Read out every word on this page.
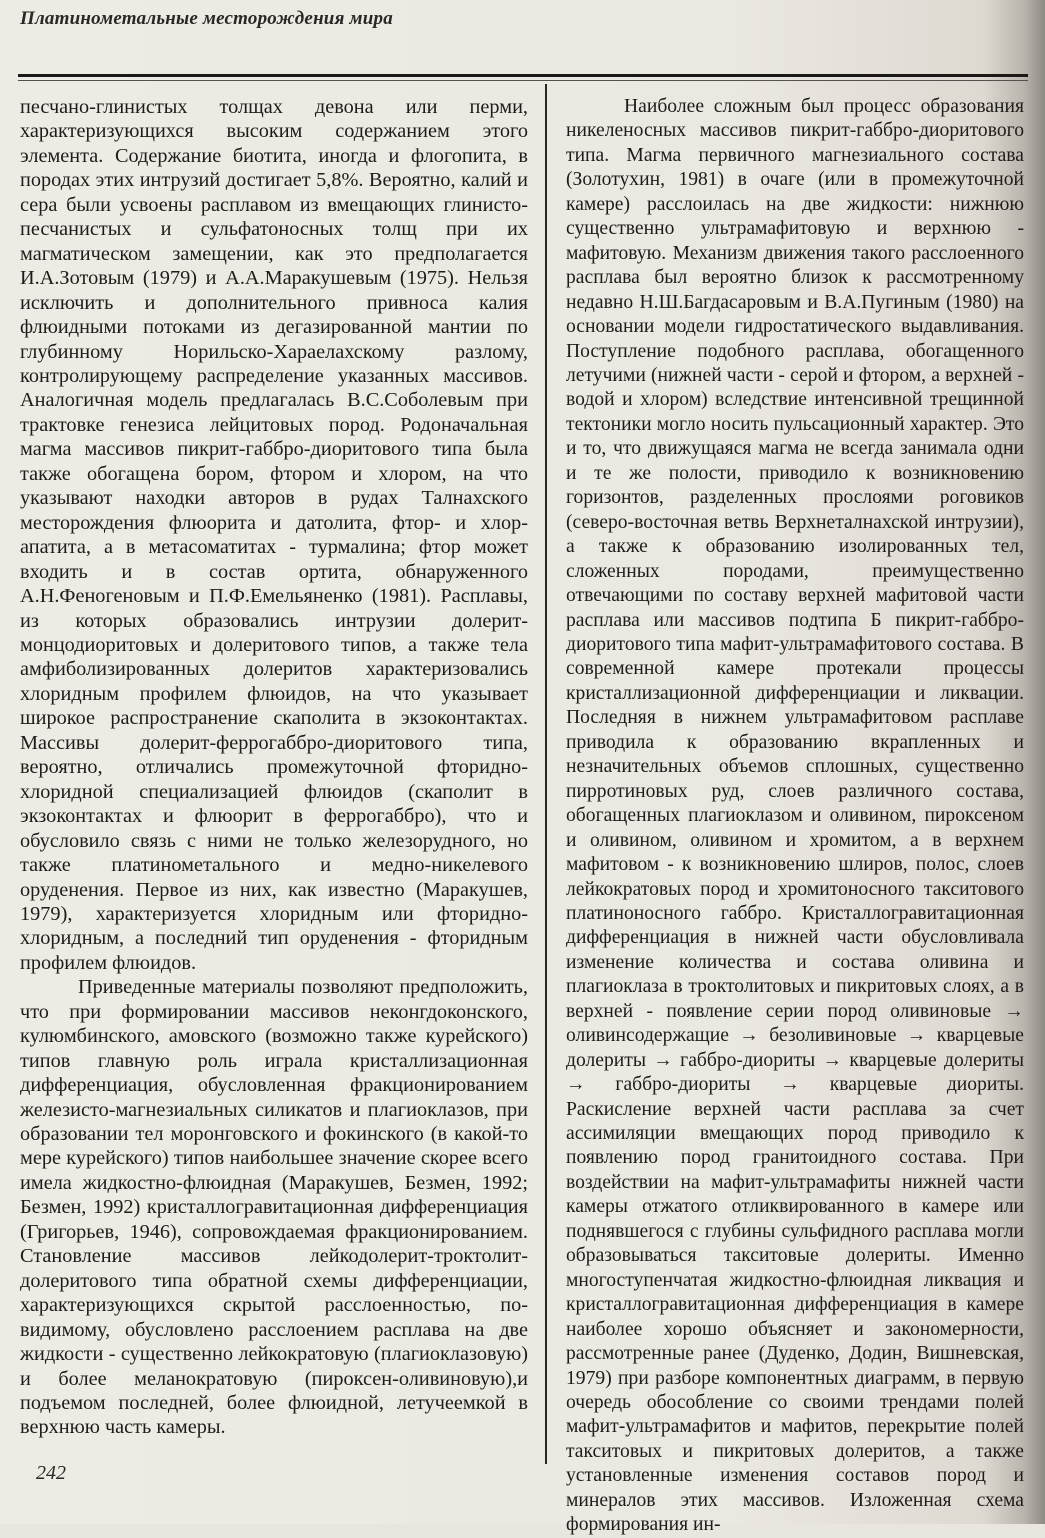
Платинометальные месторождения мира

песчано-глинистых толщах девона или перми, характеризующихся высоким содержанием этого элемента. Содержание биотита, иногда и флогопита, в породах этих интрузий достигает 5,8%. Вероятно, калий и сера были усвоены расплавом из вмещающих глинисто-песчанистых и сульфатоносных толщ при их магматическом замещении, как это предполагается И.А.Зотовым (1979) и А.А.Маракушевым (1975). Нельзя исключить и дополнительного привноса калия флюидными потоками из дегазированной мантии по глубинному Норильско-Хараелахскому разлому, контролирующему распределение указанных массивов. Аналогичная модель предлагалась В.С.Соболевым при трактовке генезиса лейцитовых пород. Родоначальная магма массивов пикрит-габбро-диоритового типа была также обогащена бором, фтором и хлором, на что указывают находки авторов в рудах Талнахского месторождения флюорита и датолита, фтор- и хлор-апатита, а в метасоматитах - турмалина; фтор может входить и в состав ортита, обнаруженного А.Н.Феногеновым и П.Ф.Емельяненко (1981). Расплавы, из которых образовались интрузии долерит-монцодиоритовых и долеритового типов, а также тела амфиболизированных долеритов характеризовались хлоридным профилем флюидов, на что указывает широкое распространение скаполита в экзоконтактах. Массивы долерит-феррогаббро-диоритового типа, вероятно, отличались промежуточной фторидно-хлоридной специализацией флюидов (скаполит в экзоконтактах и флюорит в феррогаббро), что и обусловило связь с ними не только железорудного, но также платинометального и медно-никелевого оруденения. Первое из них, как известно (Маракушев, 1979), характеризуется хлоридным или фторидно-хлоридным, а последний тип оруденения - фторидным профилем флюидов.

Приведенные материалы позволяют предположить, что при формировании массивов неконгдоконского, кулюмбинского, амовского (возможно также курейского) типов главную роль играла кристаллизационная дифференциация, обусловленная фракционированием железисто-магнезиальных силикатов и плагиоклазов, при образовании тел моронговского и фокинского (в какой-то мере курейского) типов наибольшее значение скорее всего имела жидкостно-флюидная (Маракушев, Безмен, 1992; Безмен, 1992) кристаллогравитационная дифференциация (Григорьев, 1946), сопровождаемая фракционированием. Становление массивов лейкодолерит-троктолит-долеритового типа обратной схемы дифференциации, характеризующихся скрытой расслоенностью, по-видимому, обусловлено расслоением расплава на две жидкости - существенно лейкократовую (плагиоклазовую) и более меланократовую (пироксен-оливиновую),и подъемом последней, более флюидной, летучеемкой в верхнюю часть камеры.

Наиболее сложным был процесс образования никеленосных массивов пикрит-габбро-диоритового типа. Магма первичного магнезиального состава (Золотухин, 1981) в очаге (или в промежуточной камере) расслоилась на две жидкости: нижнюю существенно ультрамафитовую и верхнюю - мафитовую. Механизм движения такого расслоенного расплава был вероятно близок к рассмотренному недавно Н.Ш.Багдасаровым и В.А.Пугиным (1980) на основании модели гидростатического выдавливания. Поступление подобного расплава, обогащенного летучими (нижней части - серой и фтором, а верхней - водой и хлором) вследствие интенсивной трещинной тектоники могло носить пульсационный характер. Это и то, что движущаяся магма не всегда занимала одни и те же полости, приводило к возникновению горизонтов, разделенных прослоями роговиков (северо-восточная ветвь Верхнеталнахской интрузии), а также к образованию изолированных тел, сложенных породами, преимущественно отвечающими по составу верхней мафитовой части расплава или массивов подтипа Б пикрит-габбро-диоритового типа мафит-ультрамафитового состава. В современной камере протекали процессы кристаллизационной дифференциации и ликвации. Последняя в нижнем ультрамафитовом расплаве приводила к образованию вкрапленных и незначительных объемов сплошных, существенно пирротиновых руд, слоев различного состава, обогащенных плагиоклазом и оливином, пироксеном и оливином, оливином и хромитом, а в верхнем мафитовом - к возникновению шлиров, полос, слоев лейкократовых пород и хромитоносного такситового платиноносного габбро. Кристаллогравитационная дифференциация в нижней части обусловливала изменение количества и состава оливина и плагиоклаза в троктолитовых и пикритовых слоях, а в верхней - появление серии пород оливиновые → оливинсодержащие → безоливиновые → кварцевые долериты → габбро-диориты → кварцевые долериты → габбро-диориты → кварцевые диориты. Раскисление верхней части расплава за счет ассимиляции вмещающих пород приводило к появлению пород гранитоидного состава. При воздействии на мафит-ультрамафиты нижней части камеры отжатого отликвированного в камере или поднявшегося с глубины сульфидного расплава могли образовываться такситовые долериты. Именно многоступенчатая жидкостно-флюидная ликвация и кристаллогравитационная дифференциация в камере наиболее хорошо объясняет и закономерности, рассмотренные ранее (Дуденко, Додин, Вишневская, 1979) при разборе компонентных диаграмм, в первую очередь обособление со своими трендами полей мафит-ультрамафитов и мафитов, перекрытие полей такситовых и пикритовых долеритов, а также установленные изменения составов пород и минералов этих массивов. Изложенная схема формирования ин-

242
